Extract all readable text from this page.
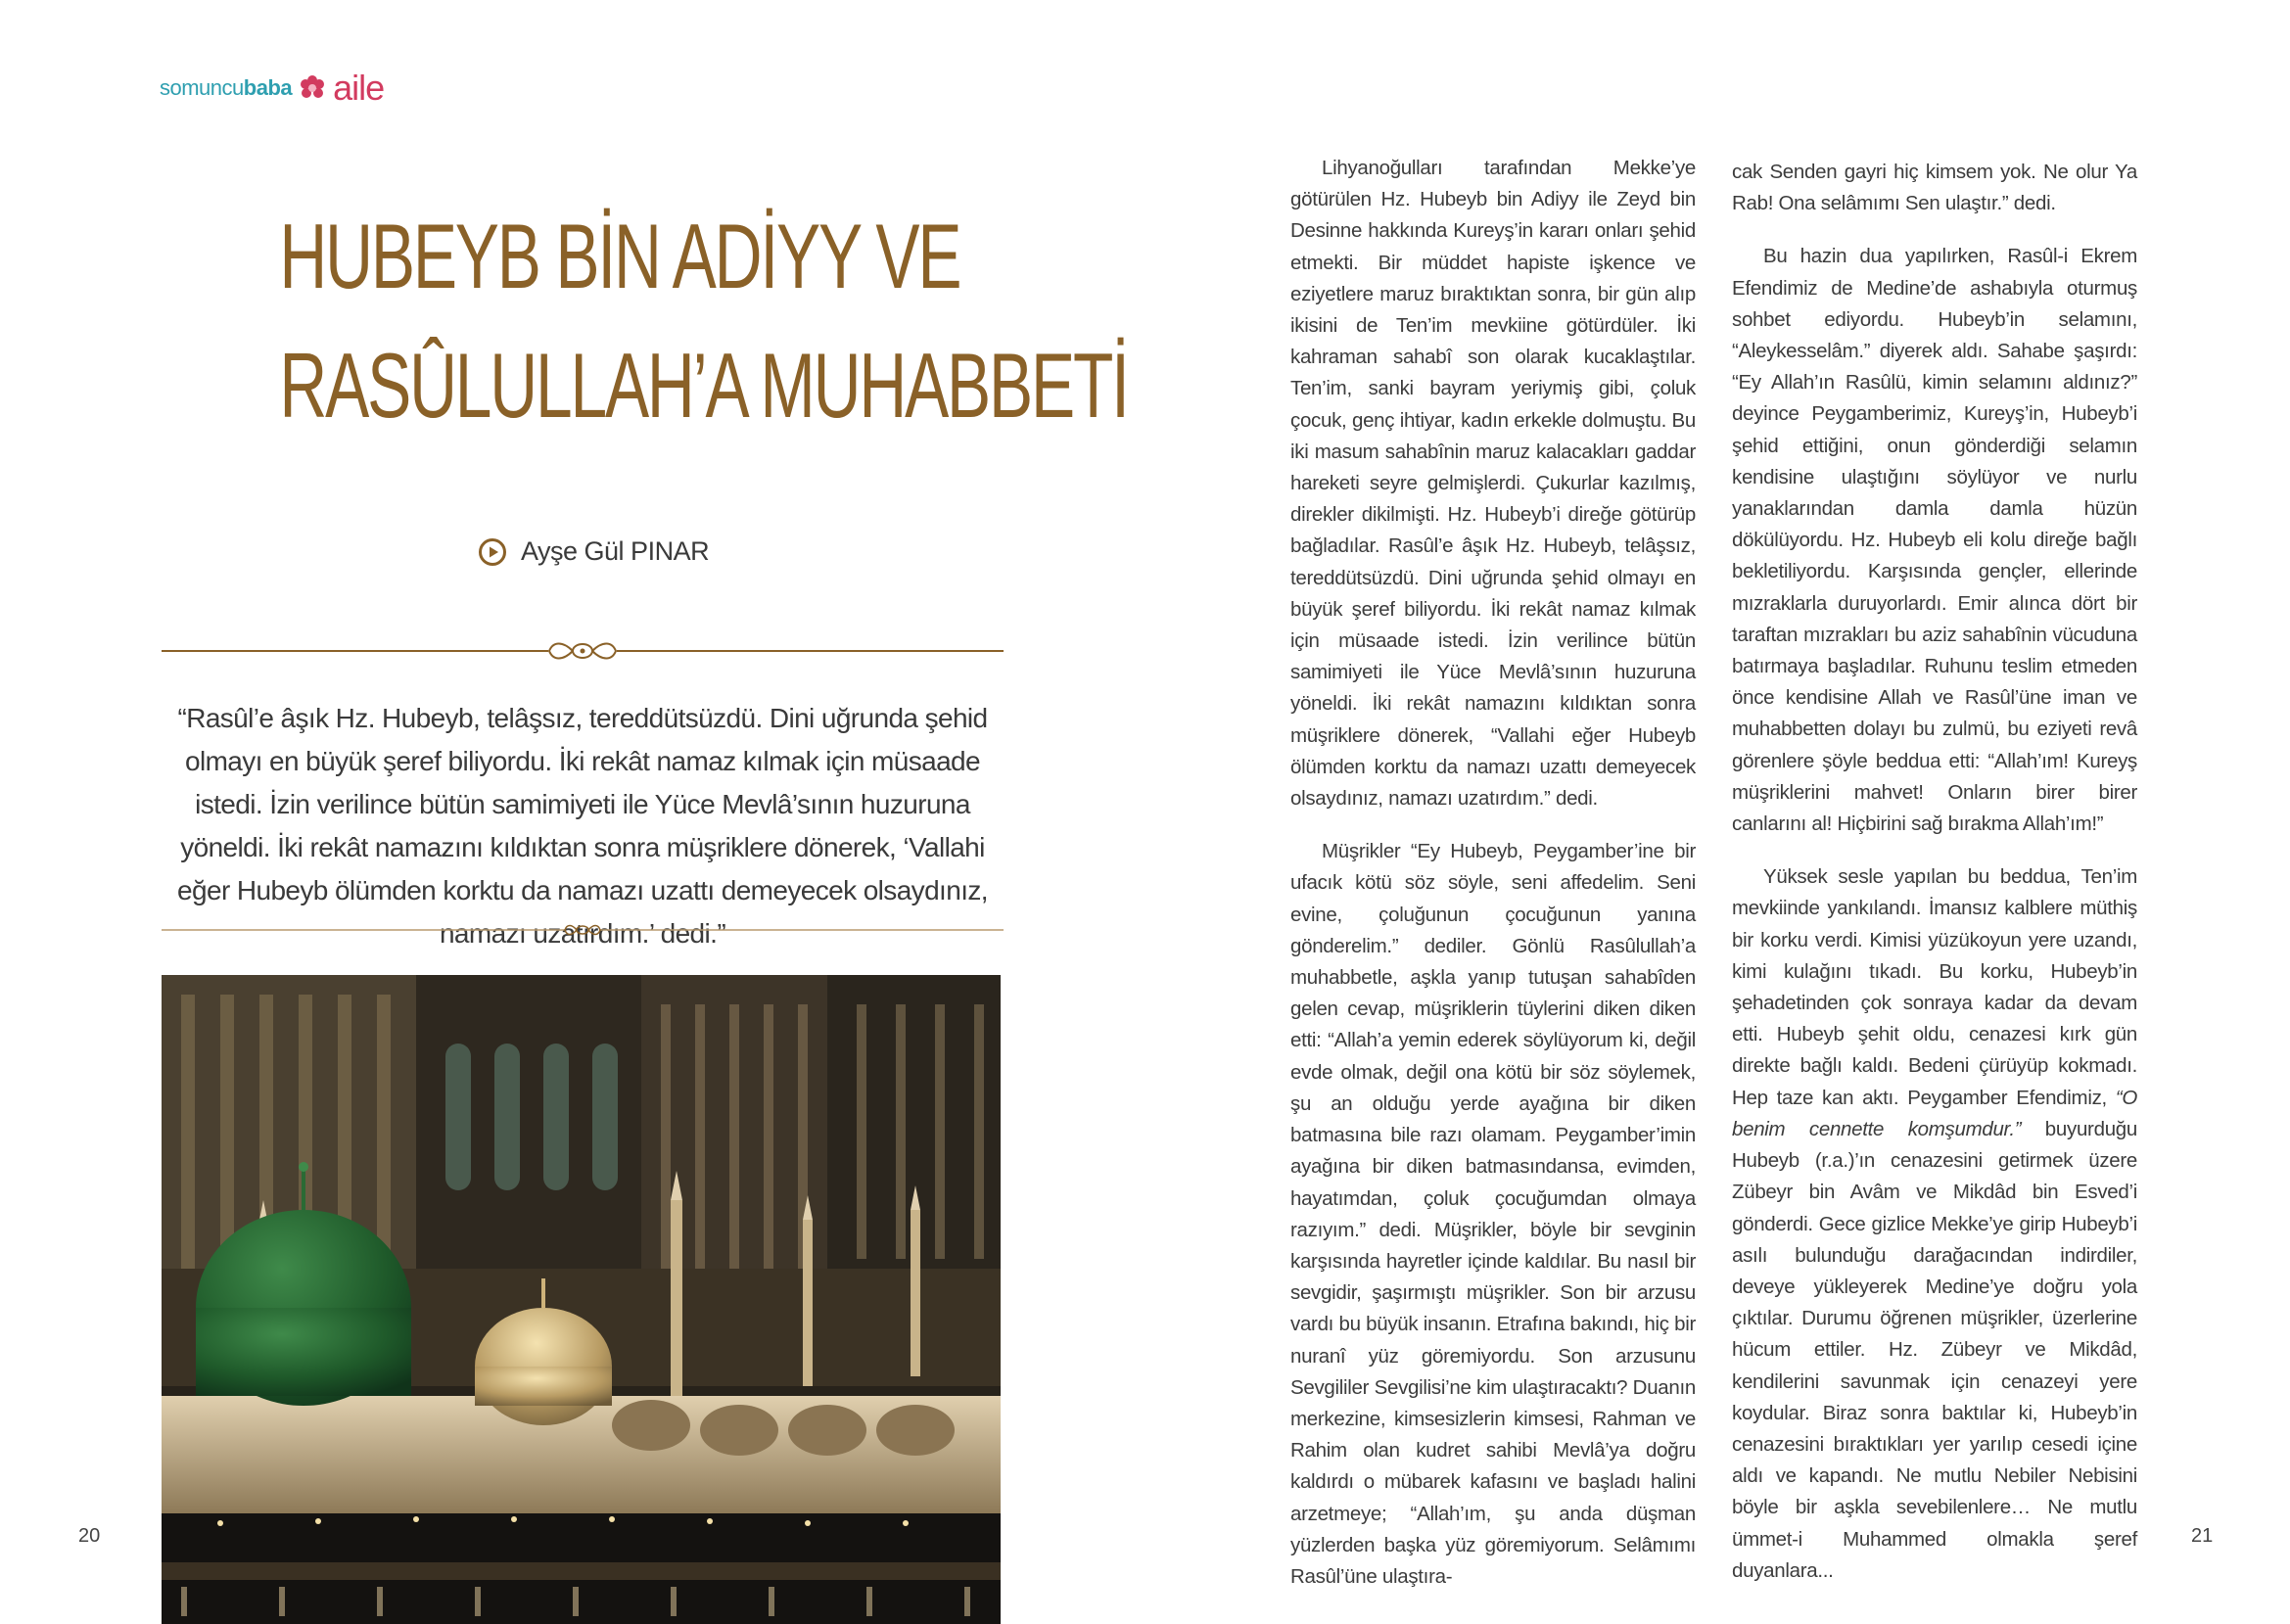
somuncu baba aile
HUBEYB BİN ADİYY VE
RASÛLULLAH’A MUHABBETİ
Ayşe Gül PINAR

“Rasûl’e âşık Hz. Hubeyb, telâşsız, tereddütsüzdü. Dini uğrunda şehid olmayı en büyük şeref biliyordu. İki rekât namaz kılmak için müsaade istedi. İzin verilince bütün samimiyeti ile Yüce Mevlâ’sının huzuruna yöneldi. İki rekât namazını kıldıktan sonra müşriklere dönerek, ‘Vallahi eğer Hubeyb ölümden korktu da namazı uzattı demeyecek olsaydınız, namazı uzatırdım.’ dedi.”

20

Lihyanoğulları tarafından Mekke’ye götürülen Hz. Hubeyb bin Adiyy ile Zeyd bin Desinne hakkında Kureyş’in kararı onları şehid etmekti. Bir müddet hapiste işkence ve eziyetlere maruz bıraktıktan sonra, bir gün alıp ikisini de Ten’im mevkiine götürdüler. İki kahraman sahabî son olarak kucaklaştılar. Ten’im, sanki bayram yeriymiş gibi, çoluk çocuk, genç ihtiyar, kadın erkekle dolmuştu. Bu iki masum sahabînin maruz kalacakları gaddar hareketi seyre gelmişlerdi. Çukurlar kazılmış, direkler dikilmişti. Hz. Hubeyb’i direğe götürüp bağladılar. Rasûl’e âşık Hz. Hubeyb, telâşsız, tereddütsüzdü. Dini uğrunda şehid olmayı en büyük şeref biliyordu. İki rekât namaz kılmak için müsaade istedi. İzin verilince bütün samimiyeti ile Yüce Mevlâ’sının huzuruna yöneldi. İki rekât namazını kıldıktan sonra müşriklere dönerek, “Vallahi eğer Hubeyb ölümden korktu da namazı uzattı demeyecek olsaydınız, namazı uzatırdım.” dedi.

Müşrikler “Ey Hubeyb, Peygamber’ine bir ufacık kötü söz söyle, seni affedelim. Seni evine, çoluğunun çocuğunun yanına gönderelim.” dediler. Gönlü Rasûlullah’a muhabbetle, aşkla yanıp tutuşan sahabîden gelen cevap, müşriklerin tüylerini diken diken etti: “Allah’a yemin ederek söylüyorum ki, değil evde olmak, değil ona kötü bir söz söylemek, şu an olduğu yerde ayağına bir diken batmasına bile razı olamam. Peygamber’imin ayağına bir diken batmasındansa, evimden, hayatımdan, çoluk çocuğumdan olmaya razıyım.” dedi. Müşrikler, böyle bir sevginin karşısında hayretler içinde kaldılar. Bu nasıl bir sevgidir, şaşırmıştı müşrikler. Son bir arzusu vardı bu büyük insanın. Etrafına bakındı, hiç bir nuranî yüz göremiyordu. Son arzusunu Sevgililer Sevgilisi’ne kim ulaştıracaktı? Duanın merkezine, kimsesizlerin kimsesi, Rahman ve Rahim olan kudret sahibi Mevlâ’ya doğru kaldırdı o mübarek kafasını ve başladı halini arzetmeye; “Allah’ım, şu anda düşman yüzlerden başka yüz göremiyorum. Selâmımı Rasûl’üne ulaştıra-

cak Senden gayri hiç kimsem yok. Ne olur Ya Rab! Ona selâmımı Sen ulaştır.” dedi.

Bu hazin dua yapılırken, Rasûl-i Ekrem Efendimiz de Medine’de ashabıyla oturmuş sohbet ediyordu. Hubeyb’in selamını, “Aleykesselâm.” diyerek aldı. Sahabe şaşırdı: “Ey Allah’ın Rasûlü, kimin selamını aldınız?” deyince Peygamberimiz, Kureyş’in, Hubeyb’i şehid ettiğini, onun gönderdiği selamın kendisine ulaştığını söylüyor ve nurlu yanaklarından damla damla hüzün dökülüyordu. Hz. Hubeyb eli kolu direğe bağlı bekletiliyordu. Karşısında gençler, ellerinde mızraklarla duruyorlardı. Emir alınca dört bir taraftan mızrakları bu aziz sahabînin vücuduna batırmaya başladılar. Ruhunu teslim etmeden önce kendisine Allah ve Rasûl’üne iman ve muhabbetten dolayı bu zulmü, bu eziyeti revâ görenlere şöyle beddua etti: “Allah’ım! Kureyş müşriklerini mahvet! Onların birer birer canlarını al! Hiçbirini sağ bırakma Allah’ım!”

Yüksek sesle yapılan bu beddua, Ten’im mevkiinde yankılandı. İmansız kalblere müthiş bir korku verdi. Kimisi yüzükoyun yere uzandı, kimi kulağını tıkadı. Bu korku, Hubeyb’in şehadetinden çok sonraya kadar da devam etti. Hubeyb şehit oldu, cenazesi kırk gün direkte bağlı kaldı. Bedeni çürüyüp kokmadı. Hep taze kan aktı. Peygamber Efendimiz, “O benim cennette komşumdur.” buyurduğu Hubeyb (r.a.)’ın cenazesini getirmek üzere Zübeyr bin Avâm ve Mikdâd bin Esved’i gönderdi. Gece gizlice Mekke’ye girip Hubeyb’i asılı bulunduğu darağacından indirdiler, deveye yükleyerek Medine’ye doğru yola çıktılar. Durumu öğrenen müşrikler, üzerlerine hücum ettiler. Hz. Zübeyr ve Mikdâd, kendilerini savunmak için cenazeyi yere koydular. Biraz sonra baktılar ki, Hubeyb’in cenazesini bıraktıkları yer yarılıp cesedi içine aldı ve kapandı. Ne mutlu Nebiler Nebisini böyle bir aşkla sevebilenlere… Ne mutlu ümmet-i Muhammed olmakla şeref duyanlara...

21
